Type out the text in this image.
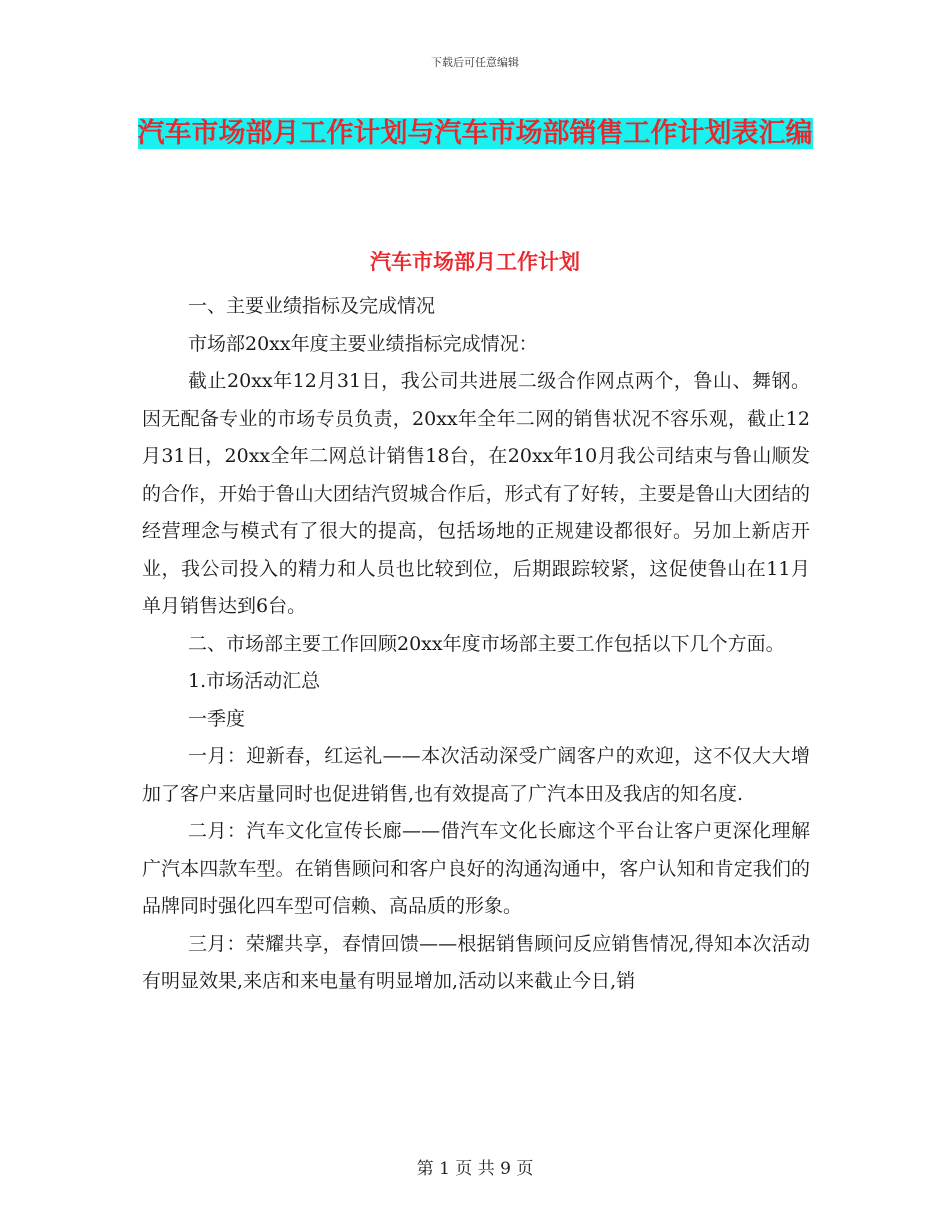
下载后可任意编辑
汽车市场部月工作计划与汽车市场部销售工作计划表汇编
汽车市场部月工作计划

一、主要业绩指标及完成情况

市场部20xx年度主要业绩指标完成情况：

截止20xx年12月31日，我公司共进展二级合作网点两个，鲁山、舞钢。因无配备专业的市场专员负责，20xx年全年二网的销售状况不容乐观，截止12月31日，20xx全年二网总计销售18台，在20xx年10月我公司结束与鲁山顺发的合作，开始于鲁山大团结汽贸城合作后，形式有了好转，主要是鲁山大团结的经营理念与模式有了很大的提高，包括场地的正规建设都很好。另加上新店开业，我公司投入的精力和人员也比较到位，后期跟踪较紧，这促使鲁山在11月单月销售达到6台。

二、市场部主要工作回顾20xx年度市场部主要工作包括以下几个方面。

1.市场活动汇总

一季度

一月：迎新春，红运礼——本次活动深受广阔客户的欢迎，这不仅大大增加了客户来店量同时也促进销售,也有效提高了广汽本田及我店的知名度.

二月：汽车文化宣传长廊——借汽车文化长廊这个平台让客户更深化理解广汽本四款车型。在销售顾问和客户良好的沟通沟通中，客户认知和肯定我们的品牌同时强化四车型可信赖、高品质的形象。

三月：荣耀共享，春情回馈——根据销售顾问反应销售情况,得知本次活动有明显效果,来店和来电量有明显增加,活动以来截止今日,销

第 1 页 共 9 页
